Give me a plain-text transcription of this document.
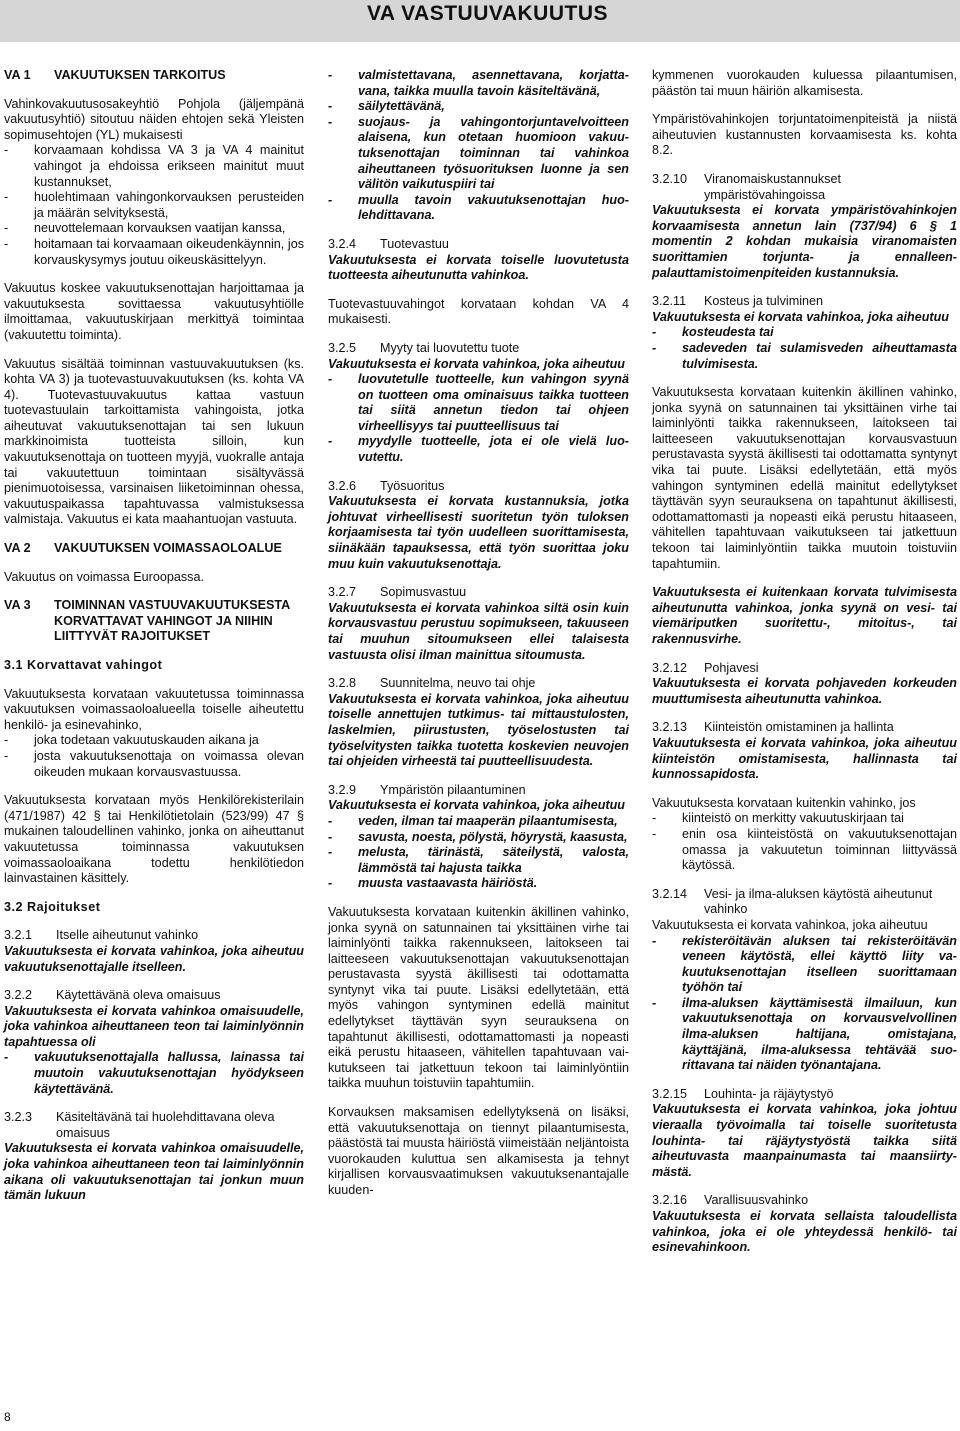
VA VASTUUVAKUUTUS
VA 1	VAKUUTUKSEN TARKOITUS

Vahinkovakuutusosakeyhtiö Pohjola (jäljempänä vakuutusyhtiö) sitoutuu näiden ehtojen sekä Yleisten sopimusehtojen (YL) mukaisesti

-	korvaamaan kohdissa VA 3 ja VA 4 mainitut vahingot ja ehdoissa erikseen mainitut muut kustannukset,
-	huolehtimaan vahingonkorvauksen perusteiden ja määrän selvityksestä,
-	neuvottelemaan korvauksen vaatijan kanssa,
-	hoitamaan tai korvaamaan oikeudenkäynnin, jos korvauskysymys joutuu oikeuskäsittelyyn.

Vakuutus koskee vakuutuksenottajan harjoittamaa ja vakuutuksesta sovittaessa vakuutusyhtiölle ilmoittamaa, vakuutuskirjaan merkittyä toimintaa (vakuutettu toiminta).

Vakuutus sisältää toiminnan vastuuvakuutuksen (ks. kohta VA 3) ja tuotevastuuvakuutuksen (ks. kohta VA 4). Tuotevastuuvakuutus kattaa vastuun tuotevastuulain tarkoittamista vahingoista, jotka aiheutuvat vakuutuksenottajan tai sen lukuun markkinoimista tuotteista silloin, kun vakuutuksenottaja on tuotteen myyjä, vuokralle antaja tai vakuutettuun toimintaan sisältyvässä pienimuotoisessa, varsinaisen liiketoiminnan ohessa, vakuutuspaikassa tapahtuvassa valmistuksessa valmistaja. Vakuutus ei kata maahantuojan vastuuta.

VA 2	VAKUUTUKSEN VOIMASSAOLOALUE

Vakuutus on voimassa Euroopassa.

VA 3	TOIMINNAN VASTUUVAKUUTUKSESTA KORVATTAVAT VAHINGOT JA NIIHIN LIITTYVÄT RAJOITUKSET
3.1 Korvattavat vahingot

Vakuutuksesta korvataan vakuutetussa toiminnassa vakuutuksen voimassaoloalueella toiselle aiheutettu henkilö- ja esinevahinko,

-	joka todetaan vakuutuskauden aikana ja
-	josta vakuutuksenottaja on voimassa olevan oikeuden mukaan korvausvastuussa.

Vakuutuksesta korvataan myös Henkilörekisterilain (471/1987) 42 § tai Henkilötietolain (523/99) 47 § mukainen taloudellinen vahinko, jonka on aiheuttanut vakuutetussa toiminnassa vakuutuksen voimassaoloaikana todettu henkilötiedon lainvastainen käsittely.

3.2 Rajoitukset
3.2.1	Itselle aiheutunut vahinko

Vakuutuksesta ei korvata vahinkoa, joka aiheutuu vakuutuksenottajalle itselleen.

3.2.2	Käytettävänä oleva omaisuus

Vakuutuksesta ei korvata vahinkoa omaisuudelle, joka vahinkoa aiheuttaneen teon tai laiminlyönnin tapahtuessa oli

-	vakuutuksenottajalla hallussa, lainassa tai muutoin vakuutuksenottajan hyödykseen käytettävänä.
3.2.3	Käsiteltävänä tai huolehdittavana oleva omaisuus

Vakuutuksesta ei korvata vahinkoa omaisuudelle, joka vahinkoa aiheuttaneen teon tai laiminlyönnin aikana oli vakuutuksenottajan tai jonkun muun tämän lukuun

-	valmistettavana, asennettavana, korjattavana, taikka muulla tavoin käsiteltävänä,
-	säilytettävänä,
-	suojaus- ja vahingontorjuntavelvoitteen alaisena, kun otetaan huomioon vakuutuksenottajan toiminnan tai vahinkoa aiheuttaneen työsuorituksen luonne ja sen välitön vaikutuspiiri tai
-	muulla tavoin vakuutuksenottajan huolehdittavana.
3.2.4	Tuotevastuu

Vakuutuksesta ei korvata toiselle luovutetusta tuotteesta aiheutunutta vahinkoa.

Tuotevastuuvahingot korvataan kohdan VA 4 mukaisesti.

3.2.5	Myyty tai luovutettu tuote

Vakuutuksesta ei korvata vahinkoa, joka aiheutuu

-	luovutetulle tuotteelle, kun vahingon syynä on tuotteen oma ominaisuus taikka tuotteen tai siitä annetun tiedon tai ohjeen virheellisyys tai puutteellisuus tai
-	myydylle tuotteelle, jota ei ole vielä luovutettu.
3.2.6	Työsuoritus

Vakuutuksesta ei korvata kustannuksia, jotka johtuvat virheellisesti suoritetun työn tuloksen korjaamisesta tai työn uudelleen suorittamisesta, siinäkään tapauksessa, että työn suorittaa joku muu kuin vakuutuksenottaja.

3.2.7	Sopimusvastuu

Vakuutuksesta ei korvata vahinkoa siltä osin kuin korvausvastuu perustuu sopimukseen, takuuseen tai muuhun sitoumukseen ellei talaisesta vastuusta olisi ilman mainittua sitoumusta.

3.2.8	Suunnitelma, neuvo tai ohje

Vakuutuksesta ei korvata vahinkoa, joka aiheutuu toiselle annettujen tutkimus- tai mittaustulosten, laskelmien, piirustusten, työselostusten tai työselvitysten taikka tuotetta koskevien neuvojen tai ohjeiden virheestä tai puutteellisuudesta.

3.2.9	Ympäristön pilaantuminen

Vakuutuksesta ei korvata vahinkoa, joka aiheutuu

-	veden, ilman tai maaperän pilaantumisesta,
-	savusta, noesta, pölystä, höyrystä, kaasusta,
-	melusta, tärinästä, säteilystä, valosta, lämmöstä tai hajusta taikka
-	muusta vastaavasta häiriöstä.

Vakuutuksesta korvataan kuitenkin äkillinen vahinko, jonka syynä on satunnainen tai yksittäinen virhe tai laiminlyönti taikka rakennukseen, laitokseen tai laitteeseen vakuutuksenottajan vakuutuksenottajan perustavasta syystä äkillisesti tai odottamatta syntynyt vika tai puute. Lisäksi edellytetään, että myös vahingon syntyminen edellä mainitut edellytykset täyttävän syyn seurauksena on tapahtunut äkillisesti, odottamattomasti ja nopeasti eikä perustu hitaaseen, vähitellen tapahtuvaan vaikutukseen tai jatkettuun tekoon tai laiminlyöntiin taikka muuhun toistuviin tapahtumiin.

Korvauksen maksamisen edellytyksenä on lisäksi, että vakuutuksenottaja on tiennyt pilaantumisesta, päästöstä tai muusta häiriöstä viimeistään neljäntoista vuorokauden kuluttua sen alkamisesta ja tehnyt kirjallisen korvausvaatimuksen vakuutuksenantajalle kuuden-

kymmenen vuorokauden kuluessa pilaantumisen, päästön tai muun häiriön alkamisesta.

Ympäristövahinkojen torjuntatoimenpiteistä ja niistä aiheutuvien kustannusten korvaamisesta ks. kohta 8.2.

3.2.10	Viranomaiskustannukset ympäristövahingoissa

Vakuutuksesta ei korvata ympäristövahinkojen korvaamisesta annetun lain (737/94) 6 § 1 momentin 2 kohdan mukaisia viranomaisten suorittamien torjunta- ja ennalleenpalauttamistoimenpiteiden kustannuksia.

3.2.11	Kosteus ja tulviminen

Vakuutuksesta ei korvata vahinkoa, joka aiheutuu

-	kosteudesta tai
-	sadeveden tai sulamisveden aiheuttamasta tulvimisesta.

Vakuutuksesta korvataan kuitenkin äkillinen vahinko, jonka syynä on satunnainen tai yksittäinen virhe tai laiminlyönti taikka rakennukseen, laitokseen tai laitteeseen vakuutuksenottajan korvausvastuun perustavasta syystä äkillisesti tai odottamatta syntynyt vika tai puute. Lisäksi edellytetään, että myös vahingon syntyminen edellä mainitut edellytykset täyttävän syyn seurauksena on tapahtunut äkillisesti, odottamattomasti ja nopeasti eikä perustu hitaaseen, vähitellen tapahtuvaan vaikutukseen tai jatkettuun tekoon tai laiminlyöntiin taikka muutoin toistuviin tapahtumiin.

Vakuutuksesta ei kuitenkaan korvata tulvimisesta aiheutunutta vahinkoa, jonka syynä on vesi- tai viemäriputken suoritettu-, mitoitus-, tai rakennusvirhe.

3.2.12	Pohjavesi

Vakuutuksesta ei korvata pohjaveden korkeuden muuttumisesta aiheutunutta vahinkoa.

3.2.13	Kiinteistön omistaminen ja hallinta

Vakuutuksesta ei korvata vahinkoa, joka aiheutuu kiinteistön omistamisesta, hallinnasta tai kunnossapidosta.

Vakuutuksesta korvataan kuitenkin vahinko, jos

-	kiinteistö on merkitty vakuutuskirjaan tai
-	enin osa kiinteistöstä on vakuutuksenottajan omassa ja vakuutetun toiminnan liittyvässä käytössä.
3.2.14	Vesi- ja ilma-aluksen käytöstä aiheutunut vahinko

Vakuutuksesta ei korvata vahinkoa, joka aiheutuu

-	rekisteröitävän aluksen tai rekisteröitävän veneen käytöstä, ellei käyttö liity vakuutuksenottajan itselleen suorittamaan työhön tai
-	ilma-aluksen käyttämisestä ilmailuun, kun vakuutuksenottaja on korvausvelvollinen ilma-aluksen haltijana, omistajana, käyttäjänä, ilma-aluksessa tehtävää suorittavana tai näiden työnantajana.
3.2.15	Louhinta- ja räjäytystyö

Vakuutuksesta ei korvata vahinkoa, joka johtuu vieraalla työvoimalla tai toiselle suoritetusta louhinta- tai räjäytystyöstä taikka siitä aiheutuvasta maanpainumasta tai maansiirtymästä.

3.2.16	Varallisuusvahinko

Vakuutuksesta ei korvata sellaista taloudellista vahinkoa, joka ei ole yhteydessä henkilö- tai esinevahinkoon.

8
